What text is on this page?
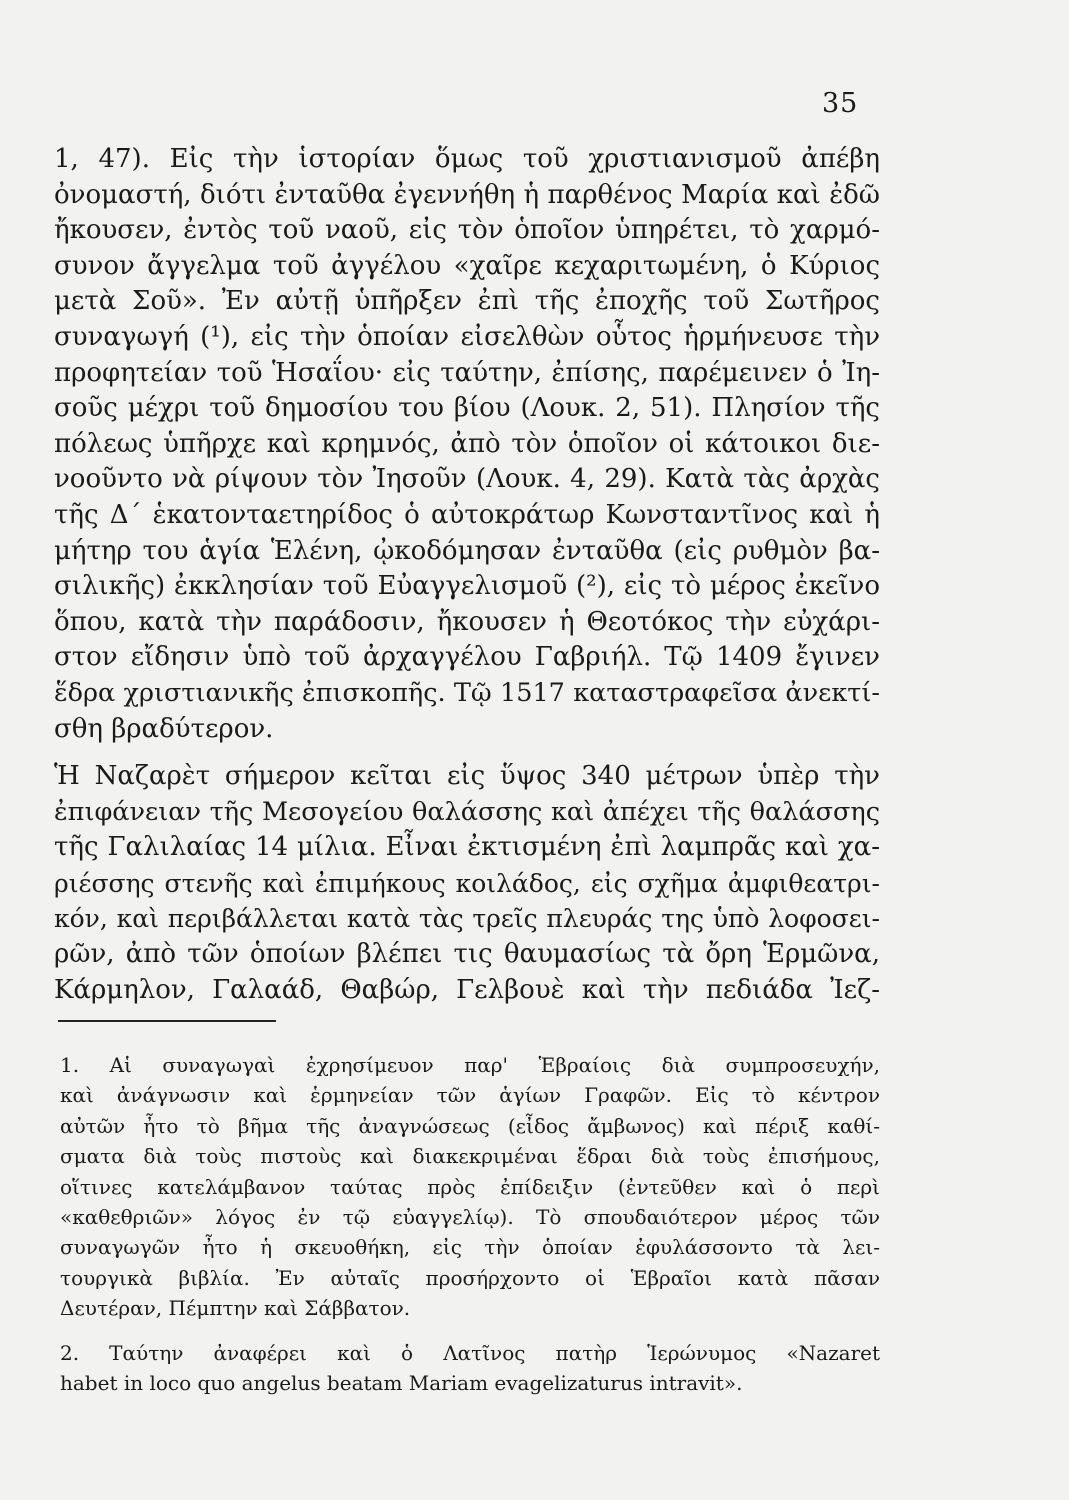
35
1, 47). Εἰς τὴν ἱστορίαν ὅμως τοῦ χριστιανισμοῦ ἀπέβη
ὀνομαστή, διότι ἐνταῦθα ἐγεννήθη ἡ παρθένος Μαρία καὶ ἐδῶ
ἤκουσεν, ἐντὸς τοῦ ναοῦ, εἰς τὸν ὁποῖον ὑπηρέτει, τὸ χαρμό-
συνον ἄγγελμα τοῦ ἀγγέλου «χαῖρε κεχαριτωμένη, ὁ Κύριος
μετὰ Σοῦ». Ἐν αὐτῇ ὑπῆρξεν ἐπὶ τῆς ἐποχῆς τοῦ Σωτῆρος
συναγωγή (¹), εἰς τὴν ὁποίαν εἰσελθὼν οὗτος ἡρμήνευσε τὴν
προφητείαν τοῦ Ἡσαΐου· εἰς ταύτην, ἐπίσης, παρέμεινεν ὁ Ἰη-
σοῦς μέχρι τοῦ δημοσίου του βίου (Λουκ. 2, 51). Πλησίον τῆς
πόλεως ὑπῆρχε καὶ κρημνός, ἀπὸ τὸν ὁποῖον οἱ κάτοικοι διε-
νοοῦντο νὰ ρίψουν τὸν Ἰησοῦν (Λουκ. 4, 29). Κατὰ τὰς ἀρχὰς
τῆς Δ΄ ἑκατονταετηρίδος ὁ αὐτοκράτωρ Κωνσταντῖνος καὶ ἡ
μήτηρ του ἁγία Ἑλένη, ᾠκοδόμησαν ἐνταῦθα (εἰς ρυθμὸν βα-
σιλικῆς) ἐκκλησίαν τοῦ Εὐαγγελισμοῦ (²), εἰς τὸ μέρος ἐκεῖνο
ὅπου, κατὰ τὴν παράδοσιν, ἤκουσεν ἡ Θεοτόκος τὴν εὐχάρι-
στον εἴδησιν ὑπὸ τοῦ ἀρχαγγέλου Γαβριήλ. Τῷ 1409 ἔγινεν
ἕδρα χριστιανικῆς ἐπισκοπῆς. Τῷ 1517 καταστραφεῖσα ἀνεκτί-
σθη βραδύτερον.
Ἡ Ναζαρὲτ σήμερον κεῖται εἰς ὕψος 340 μέτρων ὑπὲρ τὴν
ἐπιφάνειαν τῆς Μεσογείου θαλάσσης καὶ ἀπέχει τῆς θαλάσσης
τῆς Γαλιλαίας 14 μίλια. Εἶναι ἐκτισμένη ἐπὶ λαμπρᾶς καὶ χα-
ριέσσης στενῆς καὶ ἐπιμήκους κοιλάδος, εἰς σχῆμα ἀμφιθεατρι-
κόν, καὶ περιβάλλεται κατὰ τὰς τρεῖς πλευράς της ὑπὸ λοφοσει-
ρῶν, ἀπὸ τῶν ὁποίων βλέπει τις θαυμασίως τὰ ὄρη Ἑρμῶνα,
Κάρμηλον, Γαλαάδ, Θαβώρ, Γελβουὲ καὶ τὴν πεδιάδα Ἰεζ-
1. Αἱ συναγωγαὶ ἐχρησίμευον παρ' Ἑβραίοις διὰ συμπροσευχήν,
καὶ ἀνάγνωσιν καὶ ἑρμηνείαν τῶν ἁγίων Γραφῶν. Εἰς τὸ κέντρον
αὐτῶν ἦτο τὸ βῆμα τῆς ἀναγνώσεως (εἶδος ἄμβωνος) καὶ πέριξ καθί-
σματα διὰ τοὺς πιστοὺς καὶ διακεκριμέναι ἕδραι διὰ τοὺς ἐπισήμους,
οἵτινες κατελάμβανον ταύτας πρὸς ἐπίδειξιν (ἐντεῦθεν καὶ ὁ περὶ
«καθεθριῶν» λόγος ἐν τῷ εὐαγγελίῳ). Τὸ σπουδαιότερον μέρος τῶν
συναγωγῶν ἦτο ἡ σκευοθήκη, εἰς τὴν ὁποίαν ἐφυλάσσοντο τὰ λει-
τουργικὰ βιβλία. Ἐν αὐταῖς προσήρχοντο οἱ Ἑβραῖοι κατὰ πᾶσαν
Δευτέραν, Πέμπτην καὶ Σάββατον.
2. Ταύτην ἀναφέρει καὶ ὁ Λατῖνος πατὴρ Ἱερώνυμος «Nazaret
habet in loco quo angelus beatam Mariam evagelizaturus intravit».
